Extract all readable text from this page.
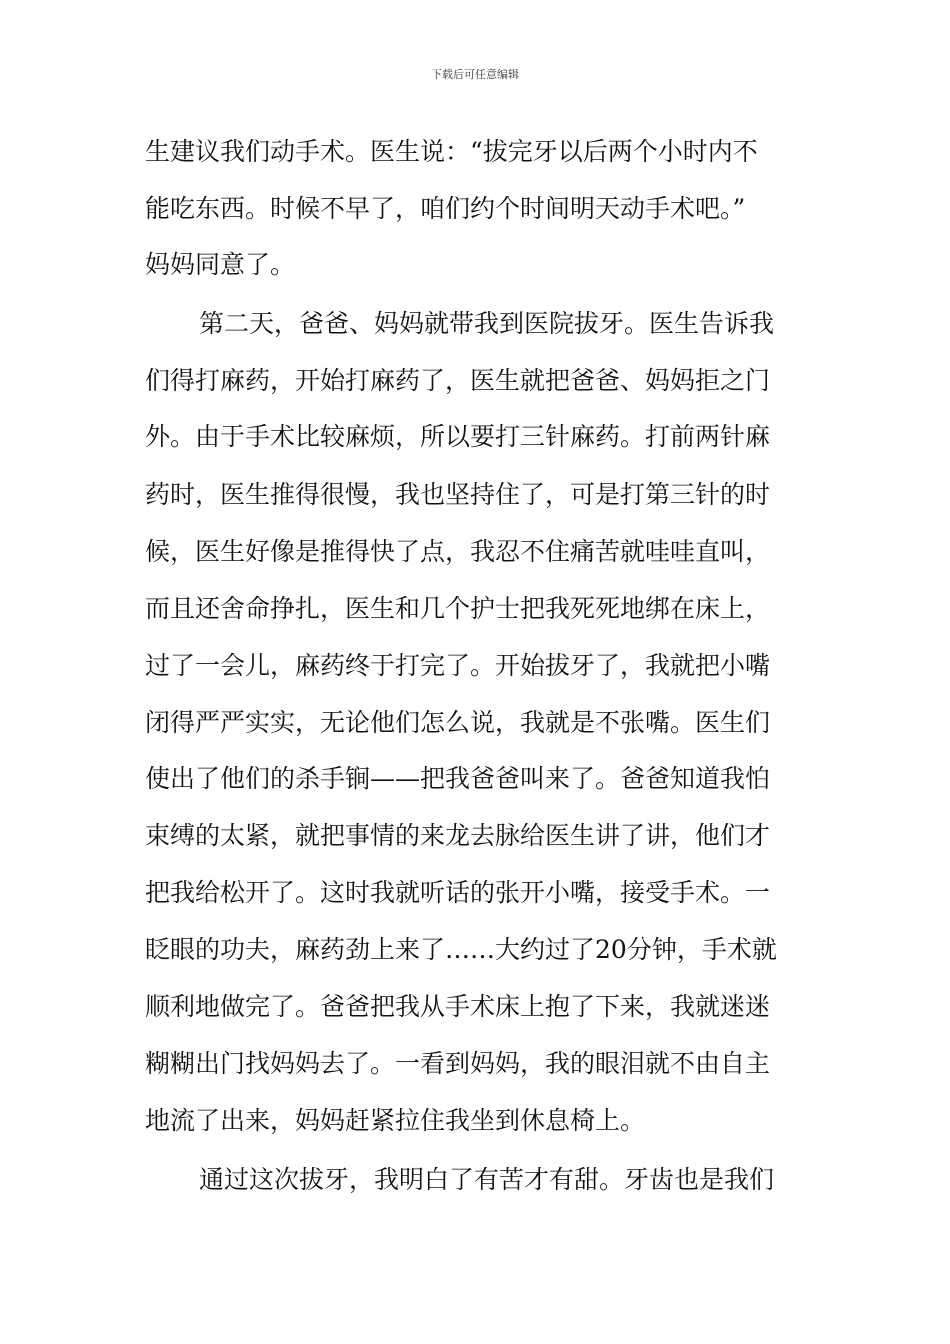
下载后可任意编辑
生建议我们动手术。医生说：“拔完牙以后两个小时内不
能吃东西。时候不早了，咱们约个时间明天动手术吧。”
妈妈同意了。
第二天，爸爸、妈妈就带我到医院拔牙。医生告诉我
们得打麻药，开始打麻药了，医生就把爸爸、妈妈拒之门
外。由于手术比较麻烦，所以要打三针麻药。打前两针麻
药时，医生推得很慢，我也坚持住了，可是打第三针的时
候，医生好像是推得快了点，我忍不住痛苦就哇哇直叫，
而且还舍命挣扎，医生和几个护士把我死死地绑在床上，
过了一会儿，麻药终于打完了。开始拔牙了，我就把小嘴
闭得严严实实，无论他们怎么说，我就是不张嘴。医生们
使出了他们的杀手锏——把我爸爸叫来了。爸爸知道我怕
束缚的太紧，就把事情的来龙去脉给医生讲了讲，他们才
把我给松开了。这时我就听话的张开小嘴，接受手术。一
眨眼的功夫，麻药劲上来了……大约过了20分钟，手术就
顺利地做完了。爸爸把我从手术床上抱了下来，我就迷迷
糊糊出门找妈妈去了。一看到妈妈，我的眼泪就不由自主
地流了出来，妈妈赶紧拉住我坐到休息椅上。
通过这次拔牙，我明白了有苦才有甜。牙齿也是我们
